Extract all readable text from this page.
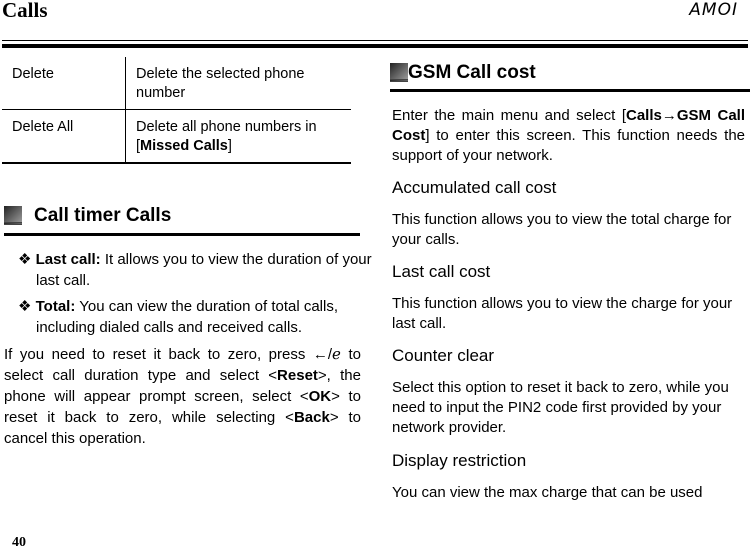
Calls	AMOI
Delete	Delete the selected phone number
Delete All	Delete all phone numbers in [Missed Calls]
Call timer Calls
❖ Last call: It allows you to view the duration of your last call.
❖ Total: You can view the duration of total calls, including dialed calls and received calls.
If you need to reset it back to zero, press ←/ℯ to select call duration type and select <Reset>, the phone will appear prompt screen, select <OK> to reset it back to zero, while selecting <Back> to cancel this operation.
GSM Call cost
Enter the main menu and select [Calls→GSM Call Cost] to enter this screen. This function needs the support of your network.
Accumulated call cost
This function allows you to view the total charge for your calls.
Last call cost
This function allows you to view the charge for your last call.
Counter clear
Select this option to reset it back to zero, while you need to input the PIN2 code first provided by your network provider.
Display restriction
You can view the max charge that can be used
40
